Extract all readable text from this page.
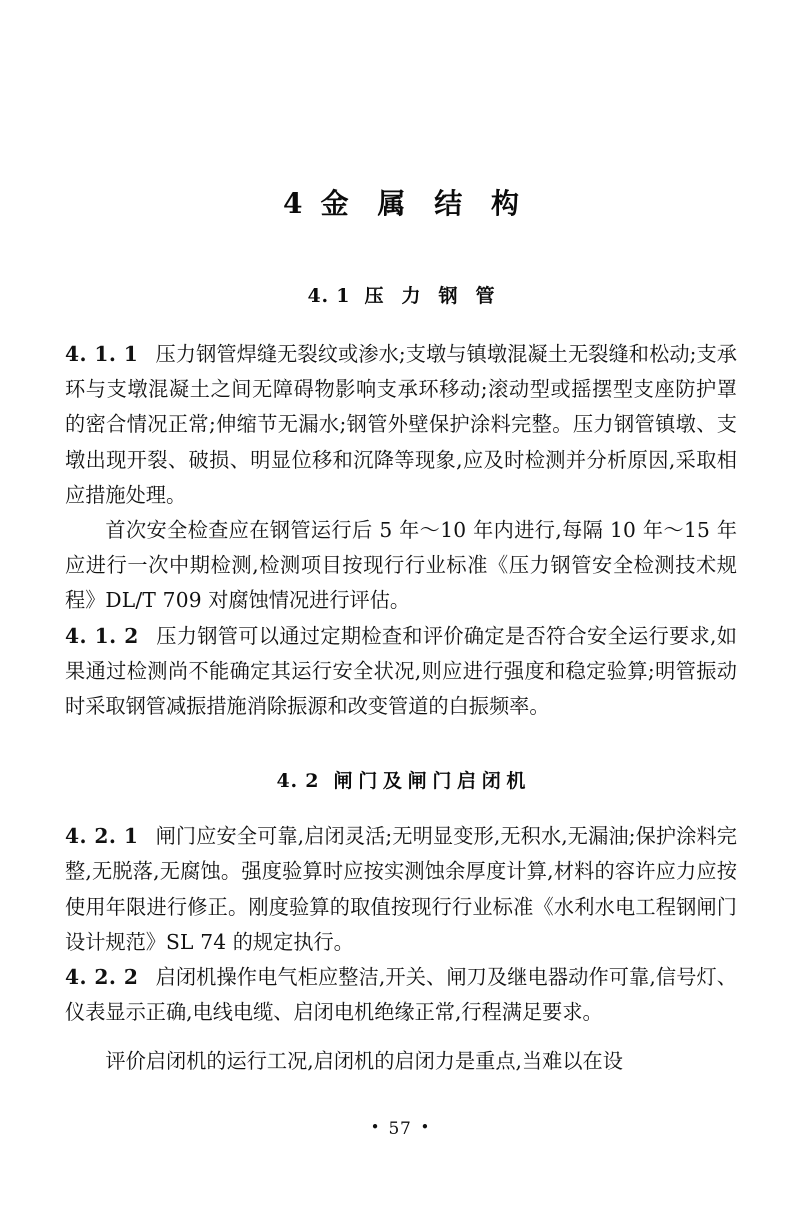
4 金 属 结 构
4. 1 压 力 钢 管

4. 1. 1 压力钢管焊缝无裂纹或渗水;支墩与镇墩混凝土无裂缝和松动;支承环与支墩混凝土之间无障碍物影响支承环移动;滚动型或摇摆型支座防护罩的密合情况正常;伸缩节无漏水;钢管外壁保护涂料完整。压力钢管镇墩、支墩出现开裂、破损、明显位移和沉降等现象,应及时检测并分析原因,采取相应措施处理。

首次安全检查应在钢管运行后 5 年～10 年内进行,每隔 10 年～15 年应进行一次中期检测,检测项目按现行行业标准《压力钢管安全检测技术规程》DL/T 709 对腐蚀情况进行评估。

4. 1. 2 压力钢管可以通过定期检查和评价确定是否符合安全运行要求,如果通过检测尚不能确定其运行安全状况,则应进行强度和稳定验算;明管振动时采取钢管减振措施消除振源和改变管道的白振频率。

4. 2 闸门及闸门启闭机

4. 2. 1 闸门应安全可靠,启闭灵活;无明显变形,无积水,无漏油;保护涂料完整,无脱落,无腐蚀。强度验算时应按实测蚀余厚度计算,材料的容许应力应按使用年限进行修正。刚度验算的取值按现行行业标准《水利水电工程钢闸门设计规范》SL 74 的规定执行。

4. 2. 2 启闭机操作电气柜应整洁,开关、闸刀及继电器动作可靠,信号灯、仪表显示正确,电线电缆、启闭电机绝缘正常,行程满足要求。

评价启闭机的运行工况,启闭机的启闭力是重点,当难以在设

• 57 •
